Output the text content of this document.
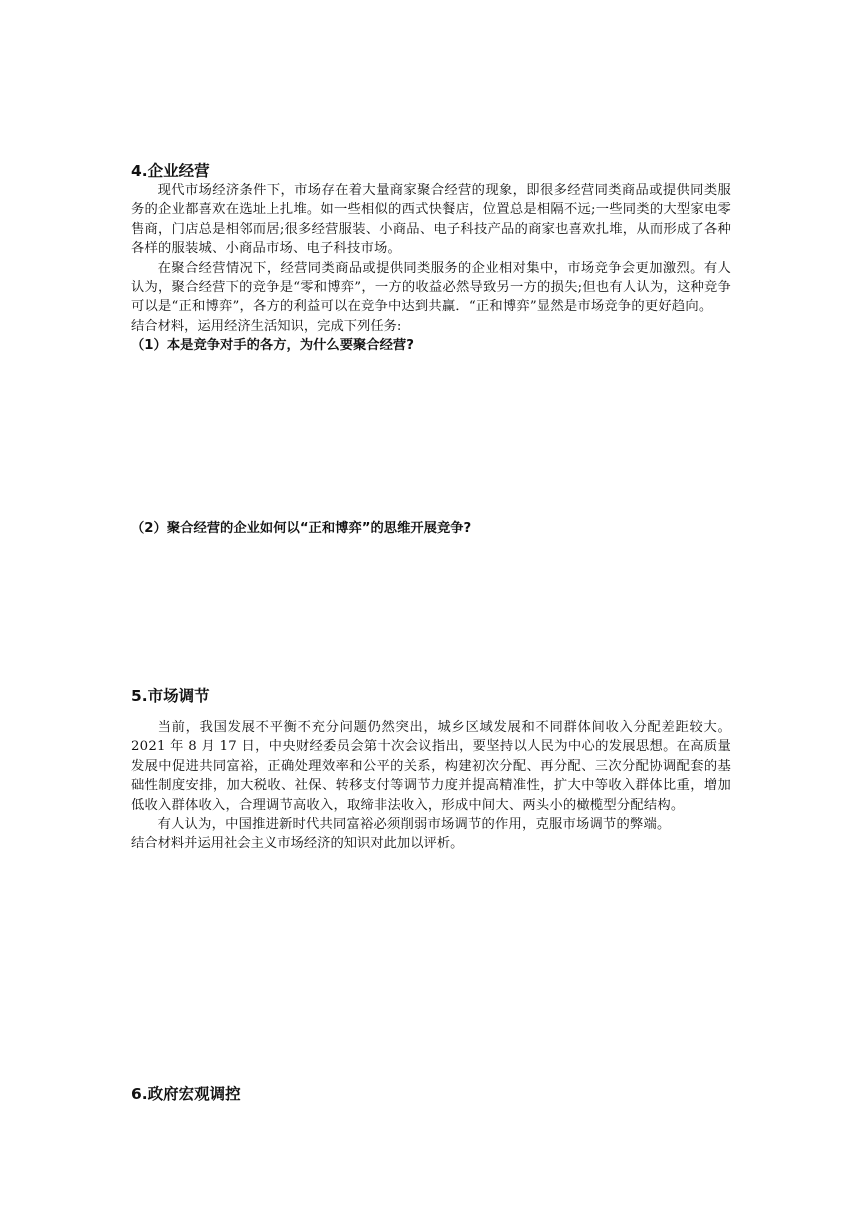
4.企业经营

现代市场经济条件下，市场存在着大量商家聚合经营的现象，即很多经营同类商品或提供同类服务的企业都喜欢在选址上扎堆。如一些相似的西式快餐店，位置总是相隔不远;一些同类的大型家电零售商，门店总是相邻而居;很多经营服装、小商品、电子科技产品的商家也喜欢扎堆，从而形成了各种各样的服装城、小商品市场、电子科技市场。

在聚合经营情况下，经营同类商品或提供同类服务的企业相对集中，市场竞争会更加激烈。有人认为，聚合经营下的竞争是“零和博弈”，一方的收益必然导致另一方的损失;但也有人认为，这种竞争可以是“正和博弈”，各方的利益可以在竞争中达到共赢．“正和博弈”显然是市场竞争的更好趋向。

结合材料，运用经济生活知识，完成下列任务:

（1）本是竞争对手的各方，为什么要聚合经营?

（2）聚合经营的企业如何以“正和博弈”的思维开展竞争?

5.市场调节

当前，我国发展不平衡不充分问题仍然突出，城乡区域发展和不同群体间收入分配差距较大。2021 年 8 月 17 日，中央财经委员会第十次会议指出，要坚持以人民为中心的发展思想。在高质量发展中促进共同富裕，正确处理效率和公平的关系，构建初次分配、再分配、三次分配协调配套的基础性制度安排，加大税收、社保、转移支付等调节力度并提高精准性，扩大中等收入群体比重，增加低收入群体收入，合理调节高收入，取缔非法收入，形成中间大、两头小的橄榄型分配结构。

有人认为，中国推进新时代共同富裕必须削弱市场调节的作用，克服市场调节的弊端。

结合材料并运用社会主义市场经济的知识对此加以评析。

6.政府宏观调控
